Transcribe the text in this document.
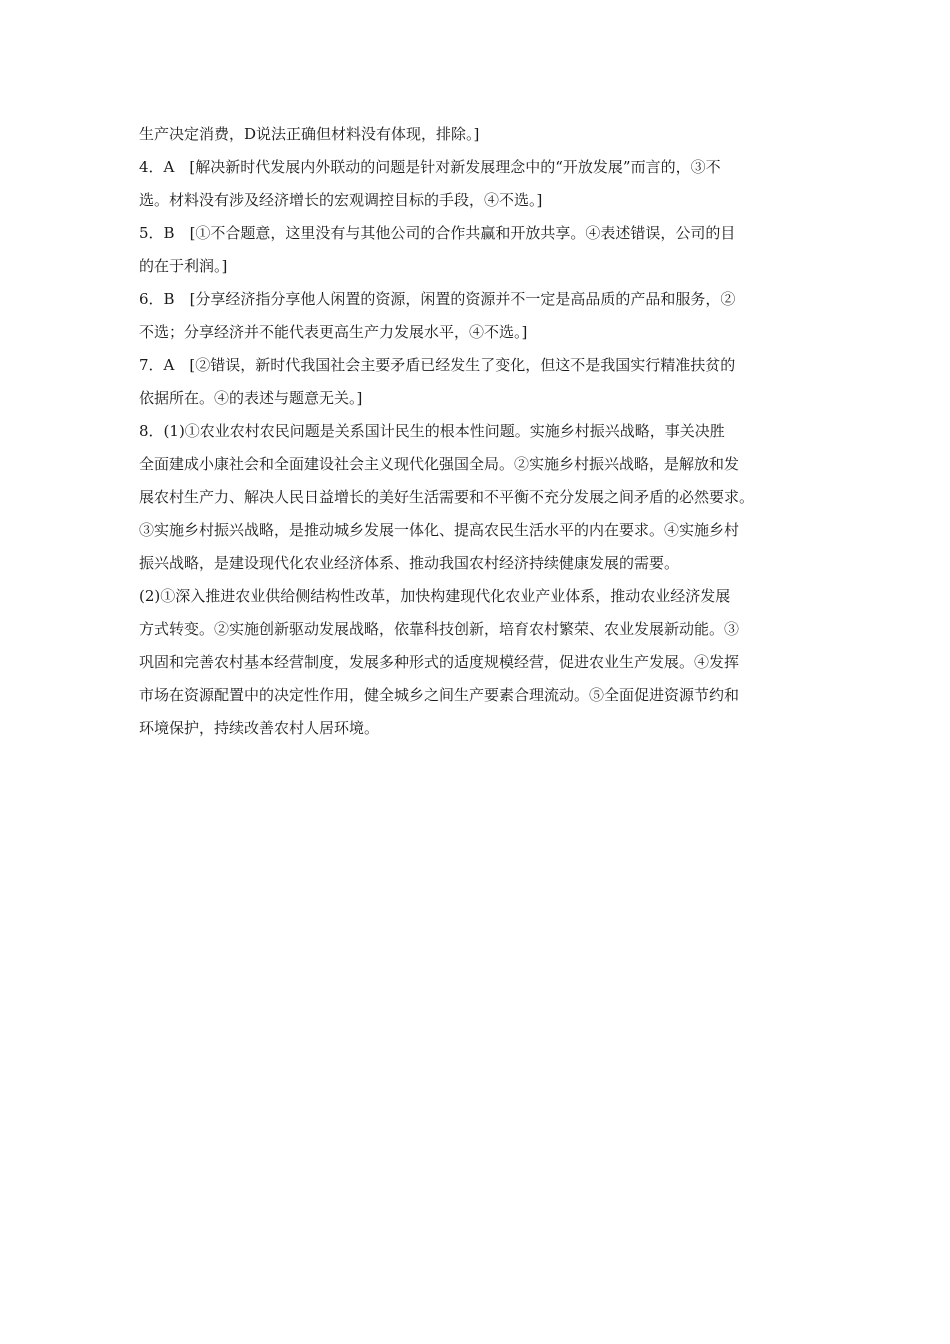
生产决定消费，D说法正确但材料没有体现，排除。]
4．A　[解决新时代发展内外联动的问题是针对新发展理念中的“开放发展”而言的，③不
选。材料没有涉及经济增长的宏观调控目标的手段，④不选。]
5．B　[①不合题意，这里没有与其他公司的合作共赢和开放共享。④表述错误，公司的目
的在于利润。]
6．B　[分享经济指分享他人闲置的资源，闲置的资源并不一定是高品质的产品和服务，②
不选；分享经济并不能代表更高生产力发展水平，④不选。]
7．A　[②错误，新时代我国社会主要矛盾已经发生了变化，但这不是我国实行精准扶贫的
依据所在。④的表述与题意无关。]
8．(1)①农业农村农民问题是关系国计民生的根本性问题。实施乡村振兴战略，事关决胜
全面建成小康社会和全面建设社会主义现代化强国全局。②实施乡村振兴战略，是解放和发
展农村生产力、解决人民日益增长的美好生活需要和不平衡不充分发展之间矛盾的必然要求。
③实施乡村振兴战略，是推动城乡发展一体化、提高农民生活水平的内在要求。④实施乡村
振兴战略，是建设现代化农业经济体系、推动我国农村经济持续健康发展的需要。
(2)①深入推进农业供给侧结构性改革，加快构建现代化农业产业体系，推动农业经济发展
方式转变。②实施创新驱动发展战略，依靠科技创新，培育农村繁荣、农业发展新动能。③
巩固和完善农村基本经营制度，发展多种形式的适度规模经营，促进农业生产发展。④发挥
市场在资源配置中的决定性作用，健全城乡之间生产要素合理流动。⑤全面促进资源节约和
环境保护，持续改善农村人居环境。
